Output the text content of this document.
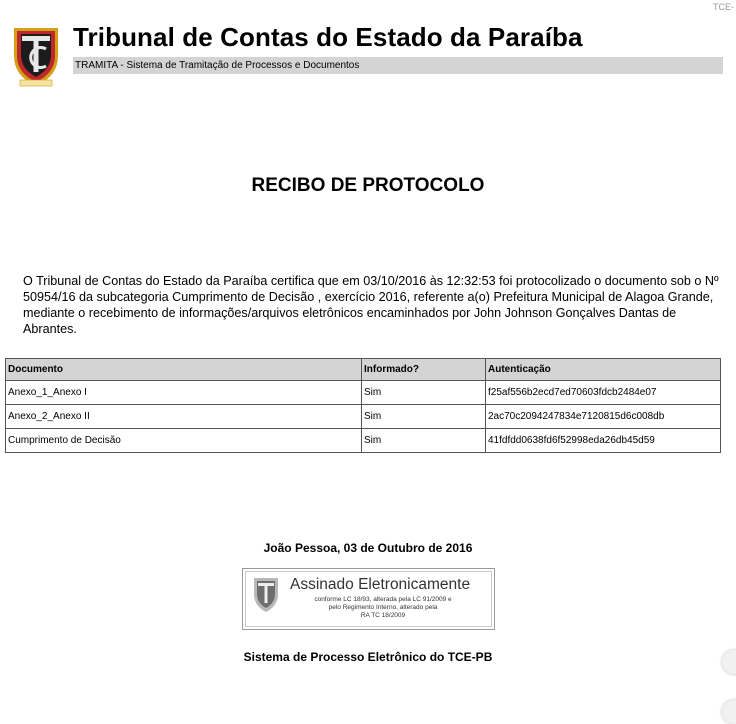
TCE-
Tribunal de Contas do Estado da Paraíba
TRAMITA - Sistema de Tramitação de Processos e Documentos
RECIBO DE PROTOCOLO
O Tribunal de Contas do Estado da Paraíba certifica que em 03/10/2016 às 12:32:53 foi protocolizado o documento sob o Nº 50954/16 da subcategoria Cumprimento de Decisão , exercício 2016, referente a(o) Prefeitura Municipal de Alagoa Grande, mediante o recebimento de informações/arquivos eletrônicos encaminhados por John Johnson Gonçalves Dantas de Abrantes.
Documento	Informado?	Autenticação
Anexo_1_Anexo I	Sim	f25af556b2ecd7ed70603fdcb2484e07
Anexo_2_Anexo II	Sim	2ac70c2094247834e7120815d6c008db
Cumprimento de Decisão	Sim	41fdfdd0638fd6f52998eda26db45d59
João Pessoa, 03 de Outubro de 2016
Assinado Eletronicamente
conforme LC 18/93, alterada pela LC 91/2009 e
pelo Regimento Interno, alterado pela
RA TC 18/2009
Sistema de Processo Eletrônico do TCE-PB
